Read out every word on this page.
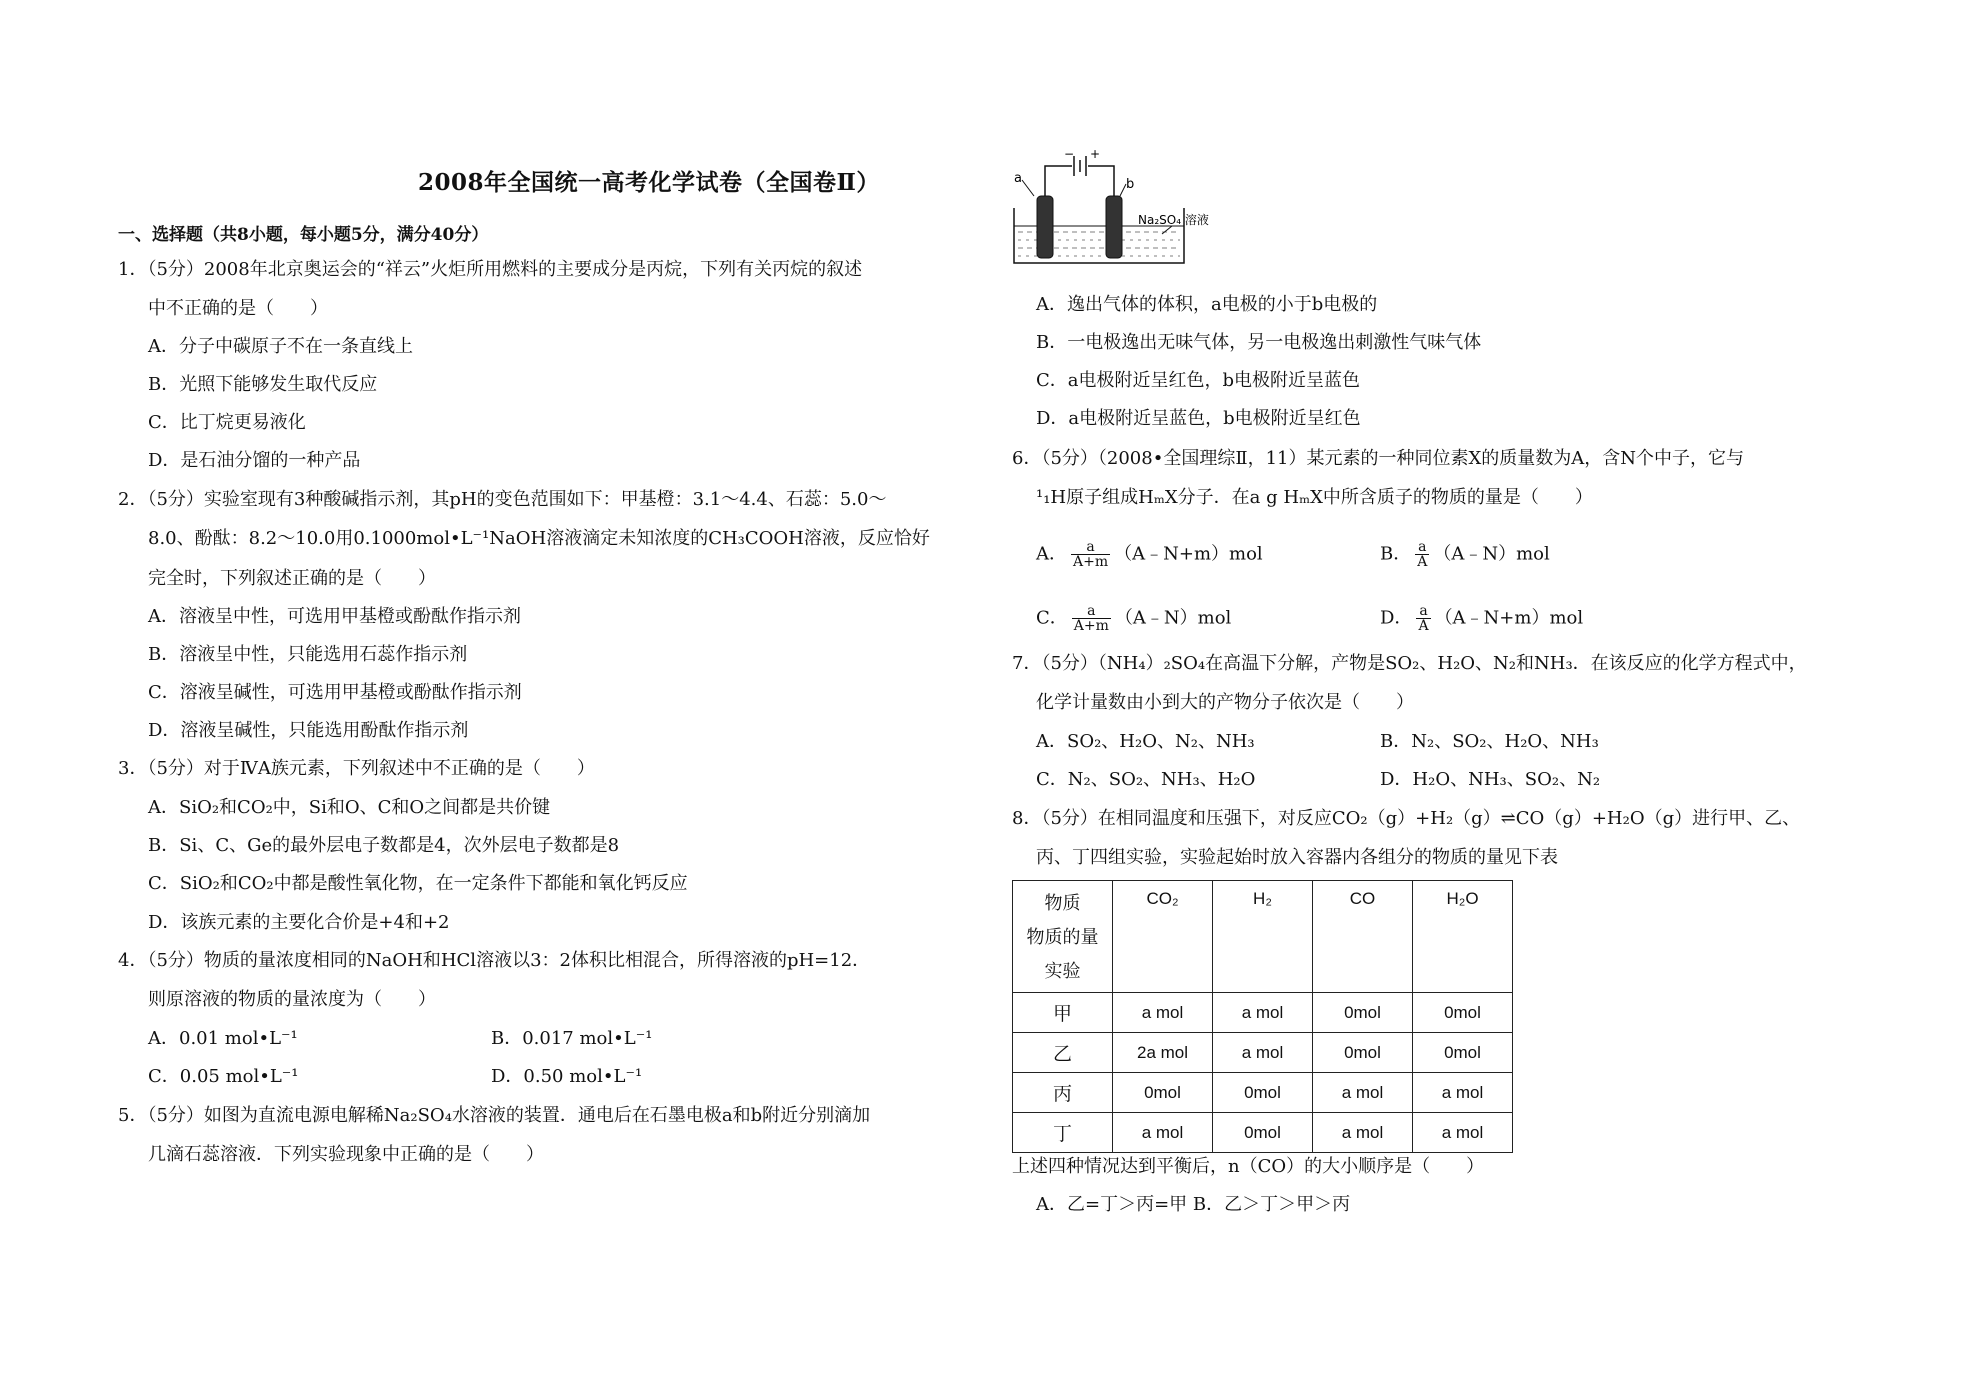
2008年全国统一高考化学试卷（全国卷Ⅱ）
一、选择题（共8小题，每小题5分，满分40分）
1．（5分）2008年北京奥运会的“祥云”火炬所用燃料的主要成分是丙烷，下列有关丙烷的叙述
中不正确的是（　　）
A．分子中碳原子不在一条直线上
B．光照下能够发生取代反应
C．比丁烷更易液化
D．是石油分馏的一种产品
2．（5分）实验室现有3种酸碱指示剂，其pH的变色范围如下：甲基橙：3.1～4.4、石蕊：5.0～
8.0、酚酞：8.2～10.0用0.1000mol•L⁻¹NaOH溶液滴定未知浓度的CH₃COOH溶液，反应恰好
完全时，下列叙述正确的是（　　）
A．溶液呈中性，可选用甲基橙或酚酞作指示剂
B．溶液呈中性，只能选用石蕊作指示剂
C．溶液呈碱性，可选用甲基橙或酚酞作指示剂
D．溶液呈碱性，只能选用酚酞作指示剂
3．（5分）对于ⅣA族元素，下列叙述中不正确的是（　　）
A．SiO₂和CO₂中，Si和O、C和O之间都是共价键
B．Si、C、Ge的最外层电子数都是4，次外层电子数都是8
C．SiO₂和CO₂中都是酸性氧化物，在一定条件下都能和氧化钙反应
D．该族元素的主要化合价是+4和+2
4．（5分）物质的量浓度相同的NaOH和HCl溶液以3：2体积比相混合，所得溶液的pH=12．
则原溶液的物质的量浓度为（　　）
A．0.01 mol•L⁻¹	B．0.017 mol•L⁻¹
C．0.05 mol•L⁻¹	D．0.50 mol•L⁻¹
5．（5分）如图为直流电源电解稀Na₂SO₄水溶液的装置．通电后在石墨电极a和b附近分别滴加
几滴石蕊溶液．下列实验现象中正确的是（　　）
− +
a	b
Na₂SO₄ 溶液
A．逸出气体的体积，a电极的小于b电极的
B．一电极逸出无味气体，另一电极逸出刺激性气味气体
C．a电极附近呈红色，b电极附近呈蓝色
D．a电极附近呈蓝色，b电极附近呈红色
6．（5分）（2008•全国理综Ⅱ，11）某元素的一种同位素X的质量数为A，含N个中子，它与
¹₁H原子组成HₘX分子．在a g HₘX中所含质子的物质的量是（　　）
A． $\frac{a}{A+m}$ （A﹣N+m）mol	B． $\frac{a}{A}$ （A﹣N）mol
C． $\frac{a}{A+m}$ （A﹣N）mol	D． $\frac{a}{A}$ （A﹣N+m）mol
7．（5分）（NH₄）₂SO₄在高温下分解，产物是SO₂、H₂O、N₂和NH₃．在该反应的化学方程式中，
化学计量数由小到大的产物分子依次是（　　）
A．SO₂、H₂O、N₂、NH₃	B．N₂、SO₂、H₂O、NH₃
C．N₂、SO₂、NH₃、H₂O	D．H₂O、NH₃、SO₂、N₂
8．（5分）在相同温度和压强下，对反应CO₂（g）+H₂（g）⇌CO（g）+H₂O（g）进行甲、乙、
丙、丁四组实验，实验起始时放入容器内各组分的物质的量见下表
物质
物质的量
实验	CO₂	H₂	CO	H₂O
甲	a mol	a mol	0mol	0mol
乙	2a mol	a mol	0mol	0mol
丙	0mol	0mol	a mol	a mol
丁	a mol	0mol	a mol	a mol
上述四种情况达到平衡后，n（CO）的大小顺序是（　　）
A．乙=丁＞丙=甲 B．乙＞丁＞甲＞丙
